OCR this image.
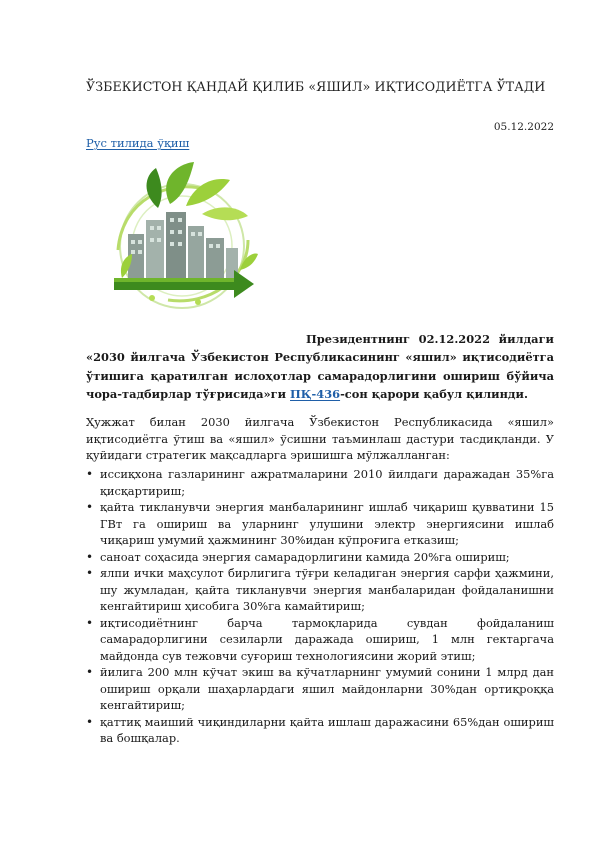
ЎЗБЕКИСТОН ҚАНДАЙ ҚИЛИБ «ЯШИЛ» ИҚТИСОДИЁТГА ЎТАДИ
05.12.2022
Рус тилида ўқиш

Президентнинг 02.12.2022 йилдаги «2030 йилгача Ўзбекистон Республикасининг «яшил» иқтисодиётга ўтишига қаратилган ислоҳотлар самарадорлигини ошириш бўйича чора-тадбирлар тўғрисида»ги ПҚ-436-сон қарори қабул қилинди.

Ҳужжат билан 2030 йилгача Ўзбекистон Республикасида «яшил» иқтисодиётга ўтиш ва «яшил» ўсишни таъминлаш дастури тасдиқланди. У қуйидаги стратегик мақсадларга эришишга мўлжалланган:

• иссиқхона газларининг ажратмаларини 2010 йилдаги даражадан 35%га қисқартириш;
• қайта тикланувчи энергия манбаларининг ишлаб чиқариш қувватини 15 ГВт га ошириш ва уларнинг улушини электр энергиясини ишлаб чиқариш умумий ҳажмининг 30%идан кўпроғига етказиш;
• саноат соҳасида энергия самарадорлигини камида 20%га ошириш;
• ялпи ички маҳсулот бирлигига тўғри келадиган энергия сарфи ҳажмини, шу жумладан, қайта тикланувчи энергия манбаларидан фойдаланишни кенгайтириш ҳисобига 30%га камайтириш;
• иқтисодиётнинг барча тармоқларида сувдан фойдаланиш самарадорлигини сезиларли даражада ошириш, 1 млн гектаргача майдонда сув тежовчи суғориш технологиясини жорий этиш;
• йилига 200 млн кўчат экиш ва кўчатларнинг умумий сонини 1 млрд дан ошириш орқали шаҳарлардаги яшил майдонларни 30%дан ортиқроққа кенгайтириш;
• қаттиқ маиший чиқиндиларни қайта ишлаш даражасини 65%дан ошириш ва бошқалар.
